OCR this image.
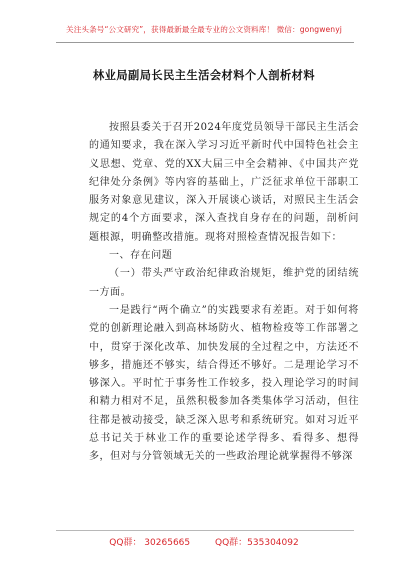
关注头条号“公文研究”，获得最新最全最专业的公文资料库！ 微信：gongwenyj
林业局副局长民主生活会材料个人剖析材料

按照县委关于召开2024年度党员领导干部民主生活会的通知要求，我在深入学习习近平新时代中国特色社会主义思想、党章、党的XX大届三中全会精神、《中国共产党纪律处分条例》等内容的基础上，广泛征求单位干部职工服务对象意见建议，深入开展谈心谈话，对照民主生活会规定的4个方面要求，深入查找自身存在的问题，剖析问题根源，明确整改措施。现将对照检查情况报告如下：

一、存在问题

（一）带头严守政治纪律政治规矩，维护党的团结统一方面。

一是践行“两个确立”的实践要求有差距。对于如何将党的创新理论融入到高林场防火、植物检疫等工作部署之中，贯穿于深化改革、加快发展的全过程之中，方法还不够多，措施还不够实，结合得还不够好。二是理论学习不够深入。平时忙于事务性工作较多，投入理论学习的时间和精力相对不足，虽然积极参加各类集体学习活动，但往往都是被动接受，缺乏深入思考和系统研究。如对习近平总书记关于林业工作的重要论述学得多、看得多、想得多，但对与分管领域无关的一些政治理论就掌握得不够深

QQ群： 30265665	QQ群：535304092
